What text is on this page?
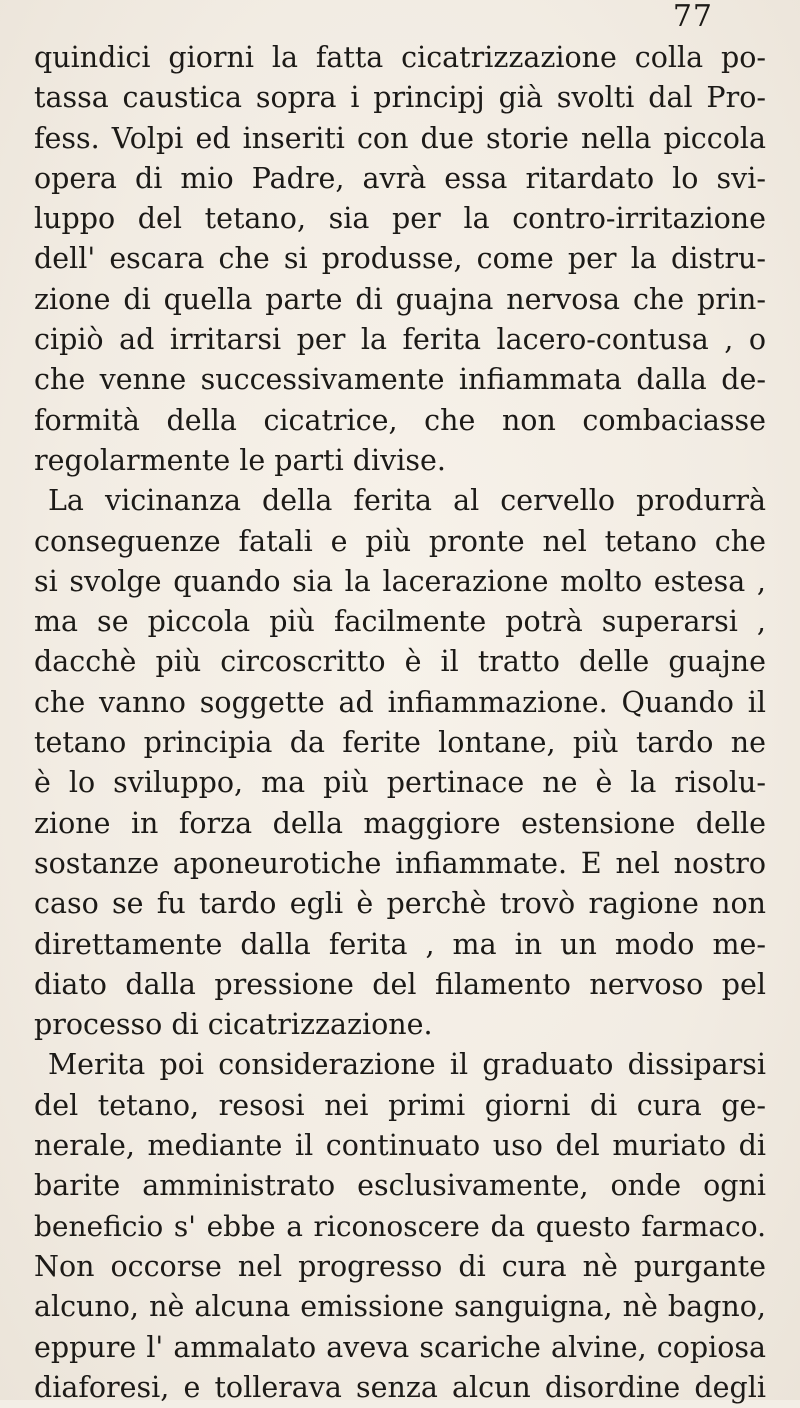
77
quindici giorni la fatta cicatrizzazione colla po-
tassa caustica sopra i principj già svolti dal Pro-
fess. Volpi ed inseriti con due storie nella piccola
opera di mio Padre, avrà essa ritardato lo svi-
luppo del tetano, sia per la contro-irritazione
dell' escara che si produsse, come per la distru-
zione di quella parte di guajna nervosa che prin-
cipiò ad irritarsi per la ferita lacero-contusa , o
che venne successivamente infiammata dalla de-
formità della cicatrice, che non combaciasse
regolarmente le parti divise.
La vicinanza della ferita al cervello produrrà
conseguenze fatali e più pronte nel tetano che
si svolge quando sia la lacerazione molto estesa ,
ma se piccola più facilmente potrà superarsi ,
dacchè più circoscritto è il tratto delle guajne
che vanno soggette ad infiammazione. Quando il
tetano principia da ferite lontane, più tardo ne
è lo sviluppo, ma più pertinace ne è la risolu-
zione in forza della maggiore estensione delle
sostanze aponeurotiche infiammate. E nel nostro
caso se fu tardo egli è perchè trovò ragione non
direttamente dalla ferita , ma in un modo me-
diato dalla pressione del filamento nervoso pel
processo di cicatrizzazione.
Merita poi considerazione il graduato dissiparsi
del tetano, resosi nei primi giorni di cura ge-
nerale, mediante il continuato uso del muriato di
barite amministrato esclusivamente, onde ogni
beneficio s' ebbe a riconoscere da questo farmaco.
Non occorse nel progresso di cura nè purgante
alcuno, nè alcuna emissione sanguigna, nè bagno,
eppure l' ammalato aveva scariche alvine, copiosa
diaforesi, e tollerava senza alcun disordine degli
